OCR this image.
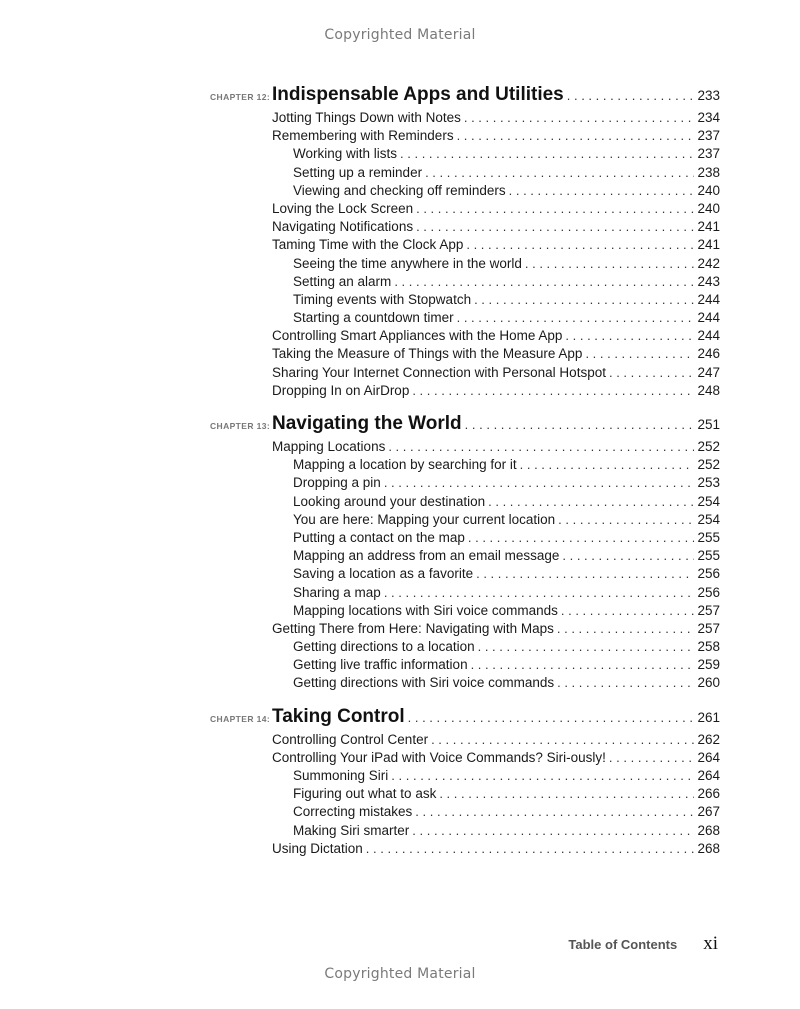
Copyrighted Material
CHAPTER 12: Indispensable Apps and Utilities . . .	233
Jotting Things Down with Notes . . .	234
Remembering with Reminders . . .	237
Working with lists . . .	237
Setting up a reminder . . .	238
Viewing and checking off reminders . . .	240
Loving the Lock Screen . . .	240
Navigating Notifications . . .	241
Taming Time with the Clock App . . .	241
Seeing the time anywhere in the world . . .	242
Setting an alarm . . .	243
Timing events with Stopwatch . . .	244
Starting a countdown timer . . .	244
Controlling Smart Appliances with the Home App . . .	244
Taking the Measure of Things with the Measure App . . .	246
Sharing Your Internet Connection with Personal Hotspot . . .	247
Dropping In on AirDrop . . .	248
CHAPTER 13: Navigating the World . . .	251
Mapping Locations . . .	252
Mapping a location by searching for it . . .	252
Dropping a pin . . .	253
Looking around your destination . . .	254
You are here: Mapping your current location . . .	254
Putting a contact on the map . . .	255
Mapping an address from an email message . . .	255
Saving a location as a favorite . . .	256
Sharing a map . . .	256
Mapping locations with Siri voice commands . . .	257
Getting There from Here: Navigating with Maps . . .	257
Getting directions to a location . . .	258
Getting live traffic information . . .	259
Getting directions with Siri voice commands . . .	260
CHAPTER 14: Taking Control . . .	261
Controlling Control Center . . .	262
Controlling Your iPad with Voice Commands? Siri-ously! . . .	264
Summoning Siri . . .	264
Figuring out what to ask . . .	266
Correcting mistakes . . .	267
Making Siri smarter . . .	268
Using Dictation . . .	268
Table of Contents xi
Copyrighted Material
